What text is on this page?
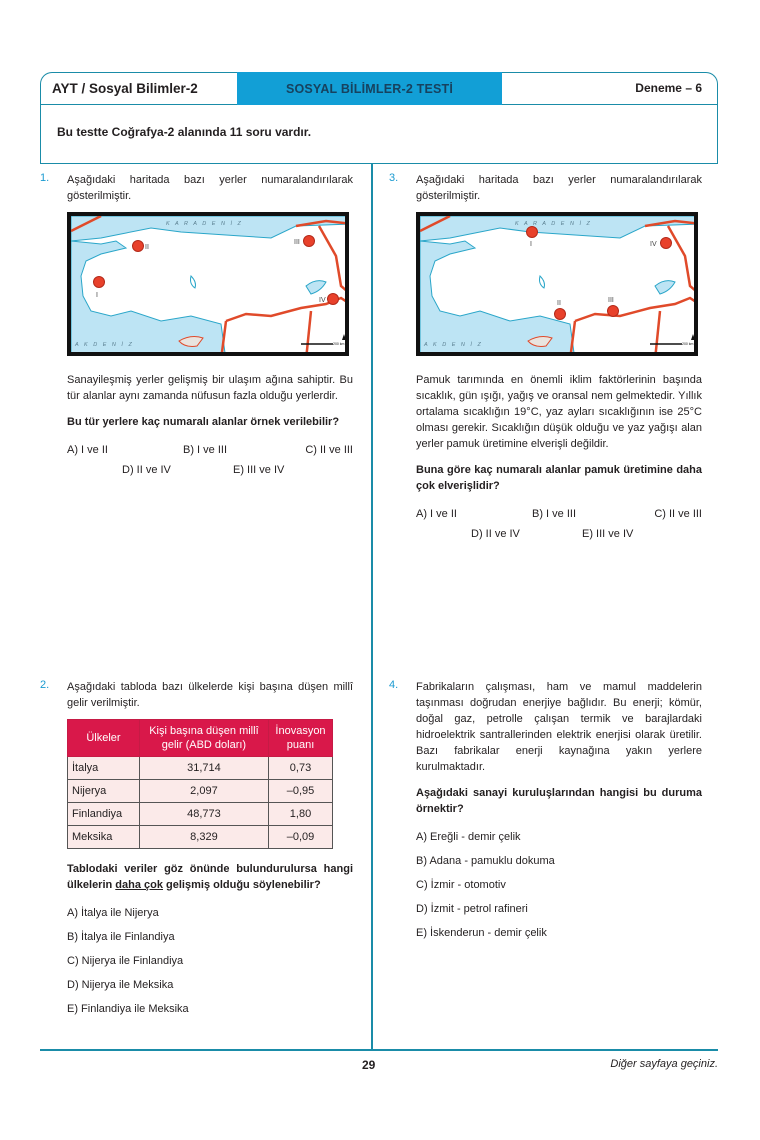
AYT / Sosyal Bilimler-2	SOSYAL BİLİMLER-2 TESTİ	Deneme – 6
Bu testte Coğrafya-2 alanında 11 soru vardır.
1. Aşağıdaki haritada bazı yerler numaralandırılarak gösterilmiştir.
K A R A D E N İ Z
A K D E N İ Z
I
II
III
IV
200 km
Sanayileşmiş yerler gelişmiş bir ulaşım ağına sahiptir. Bu tür alanlar aynı zamanda nüfusun fazla olduğu yerlerdir.
Bu tür yerlere kaç numaralı alanlar örnek verilebilir?
A) I ve II	B) I ve III	C) II ve III
D) II ve IV	E) III ve IV
3. Aşağıdaki haritada bazı yerler numaralandırılarak gösterilmiştir.
K A R A D E N İ Z
A K D E N İ Z
I
II	III
IV
200 km
Pamuk tarımında en önemli iklim faktörlerinin başında sıcaklık, gün ışığı, yağış ve oransal nem gelmektedir. Yıllık ortalama sıcaklığın 19°C, yaz ayları sıcaklığının ise 25°C olması gerekir. Sıcaklığın düşük olduğu ve yaz yağışı alan yerler pamuk üretimine elverişli değildir.
Buna göre kaç numaralı alanlar pamuk üretimine daha çok elverişlidir?
A) I ve II	B) I ve III	C) II ve III
D) II ve IV	E) III ve IV
2. Aşağıdaki tabloda bazı ülkelerde kişi başına düşen millî gelir verilmiştir.
Ülkeler	Kişi başına düşen millî gelir (ABD doları)	İnovasyon puanı
İtalya	31,714	0,73
Nijerya	2,097	–0,95
Finlandiya	48,773	1,80
Meksika	8,329	–0,09
Tablodaki veriler göz önünde bulundurulursa hangi ülkelerin daha çok gelişmiş olduğu söylenebilir?
A) İtalya ile Nijerya
B) İtalya ile Finlandiya
C) Nijerya ile Finlandiya
D) Nijerya ile Meksika
E) Finlandiya ile Meksika
4. Fabrikaların çalışması, ham ve mamul maddelerin taşınması doğrudan enerjiye bağlıdır. Bu enerji; kömür, doğal gaz, petrolle çalışan termik ve barajlardaki hidroelektrik santrallerinden elektrik enerjisi olarak üretilir. Bazı fabrikalar enerji kaynağına yakın yerlere kurulmaktadır.
Aşağıdaki sanayi kuruluşlarından hangisi bu duruma örnektir?
A) Ereğli - demir çelik
B) Adana - pamuklu dokuma
C) İzmir - otomotiv
D) İzmit - petrol rafineri
E) İskenderun - demir çelik
29	Diğer sayfaya geçiniz.
